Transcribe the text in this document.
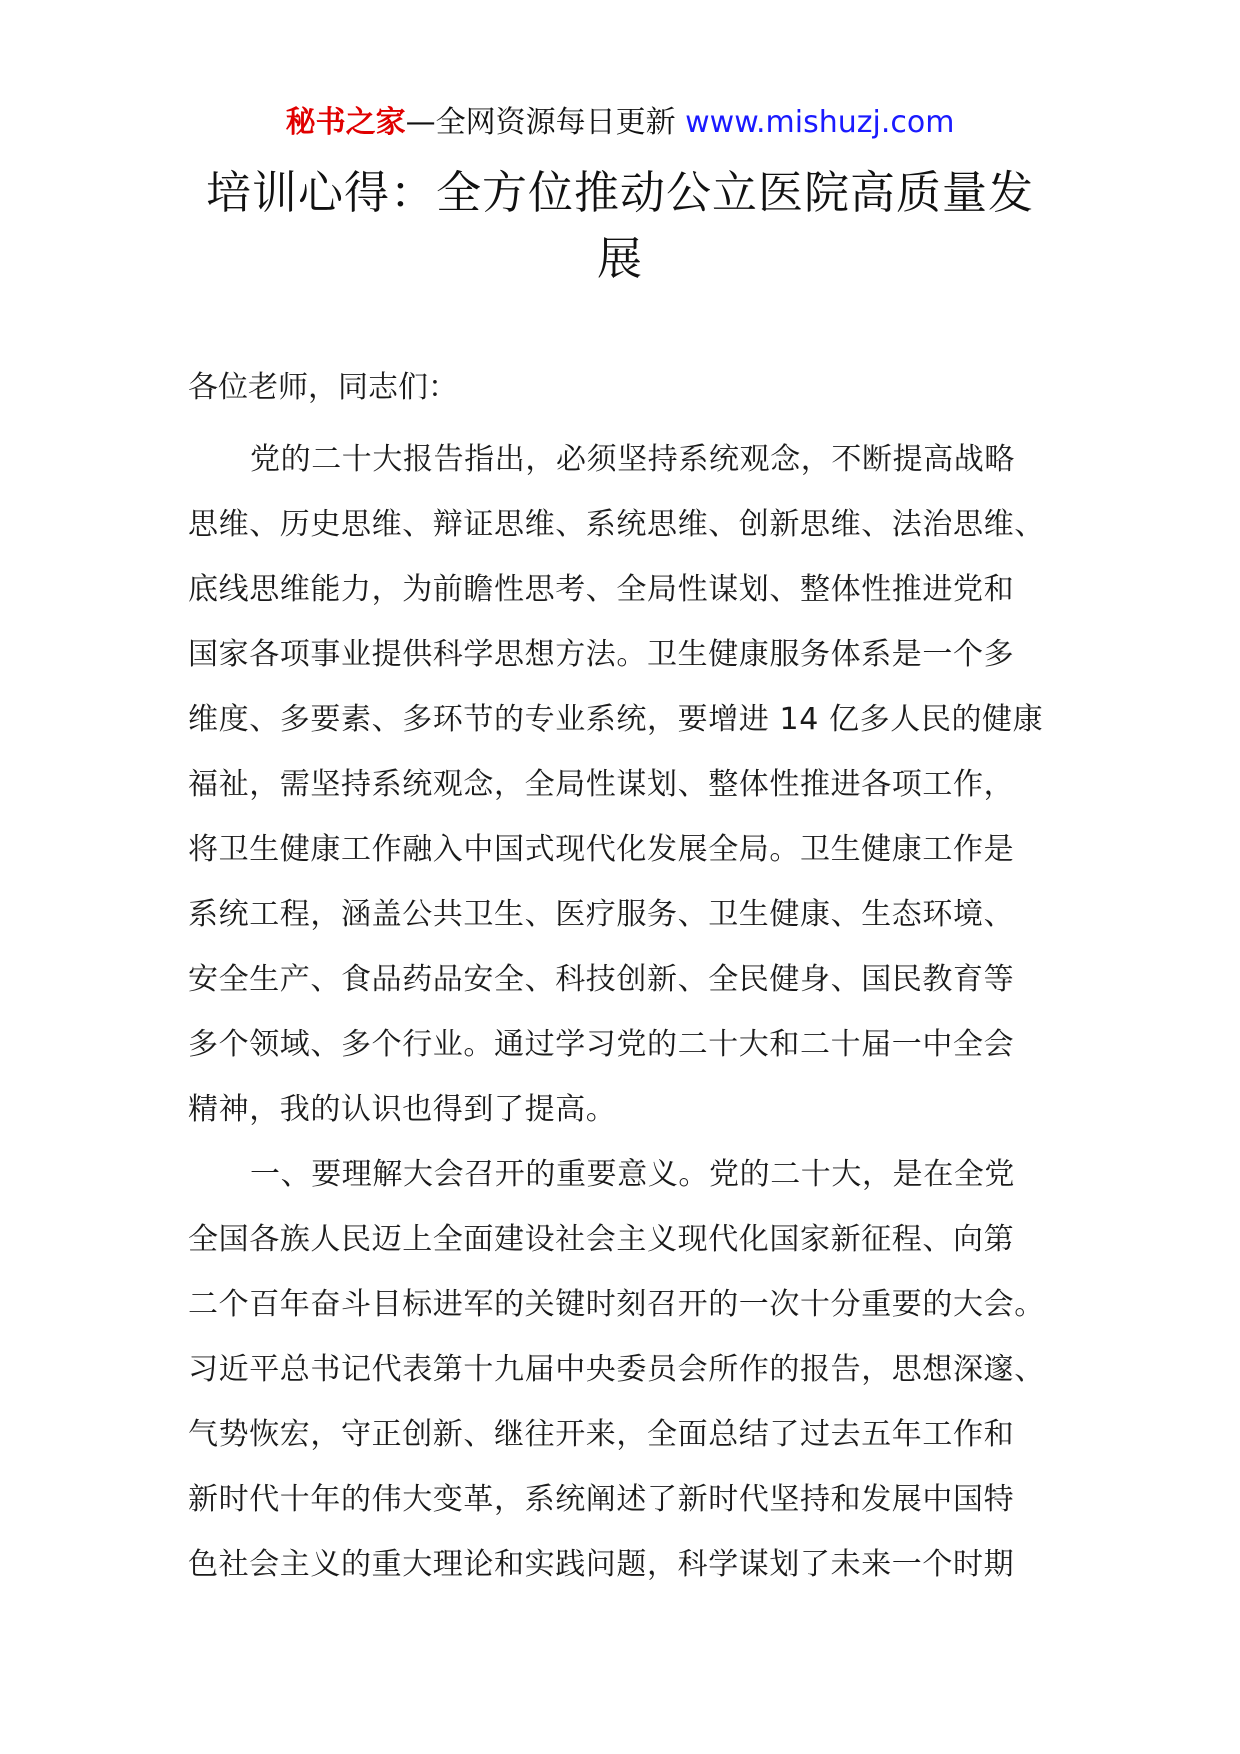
秘书之家—全网资源每日更新 www.mishuzj.com
培训心得：全方位推动公立医院高质量发
展
各位老师，同志们：
党的二十大报告指出，必须坚持系统观念，不断提高战略
思维、历史思维、辩证思维、系统思维、创新思维、法治思维、
底线思维能力，为前瞻性思考、全局性谋划、整体性推进党和
国家各项事业提供科学思想方法。卫生健康服务体系是一个多
维度、多要素、多环节的专业系统，要增进 14 亿多人民的健康
福祉，需坚持系统观念，全局性谋划、整体性推进各项工作，
将卫生健康工作融入中国式现代化发展全局。卫生健康工作是
系统工程，涵盖公共卫生、医疗服务、卫生健康、生态环境、
安全生产、食品药品安全、科技创新、全民健身、国民教育等
多个领域、多个行业。通过学习党的二十大和二十届一中全会
精神，我的认识也得到了提高。
一、要理解大会召开的重要意义。党的二十大，是在全党
全国各族人民迈上全面建设社会主义现代化国家新征程、向第
二个百年奋斗目标进军的关键时刻召开的一次十分重要的大会。
习近平总书记代表第十九届中央委员会所作的报告，思想深邃、
气势恢宏，守正创新、继往开来，全面总结了过去五年工作和
新时代十年的伟大变革，系统阐述了新时代坚持和发展中国特
色社会主义的重大理论和实践问题，科学谋划了未来一个时期
